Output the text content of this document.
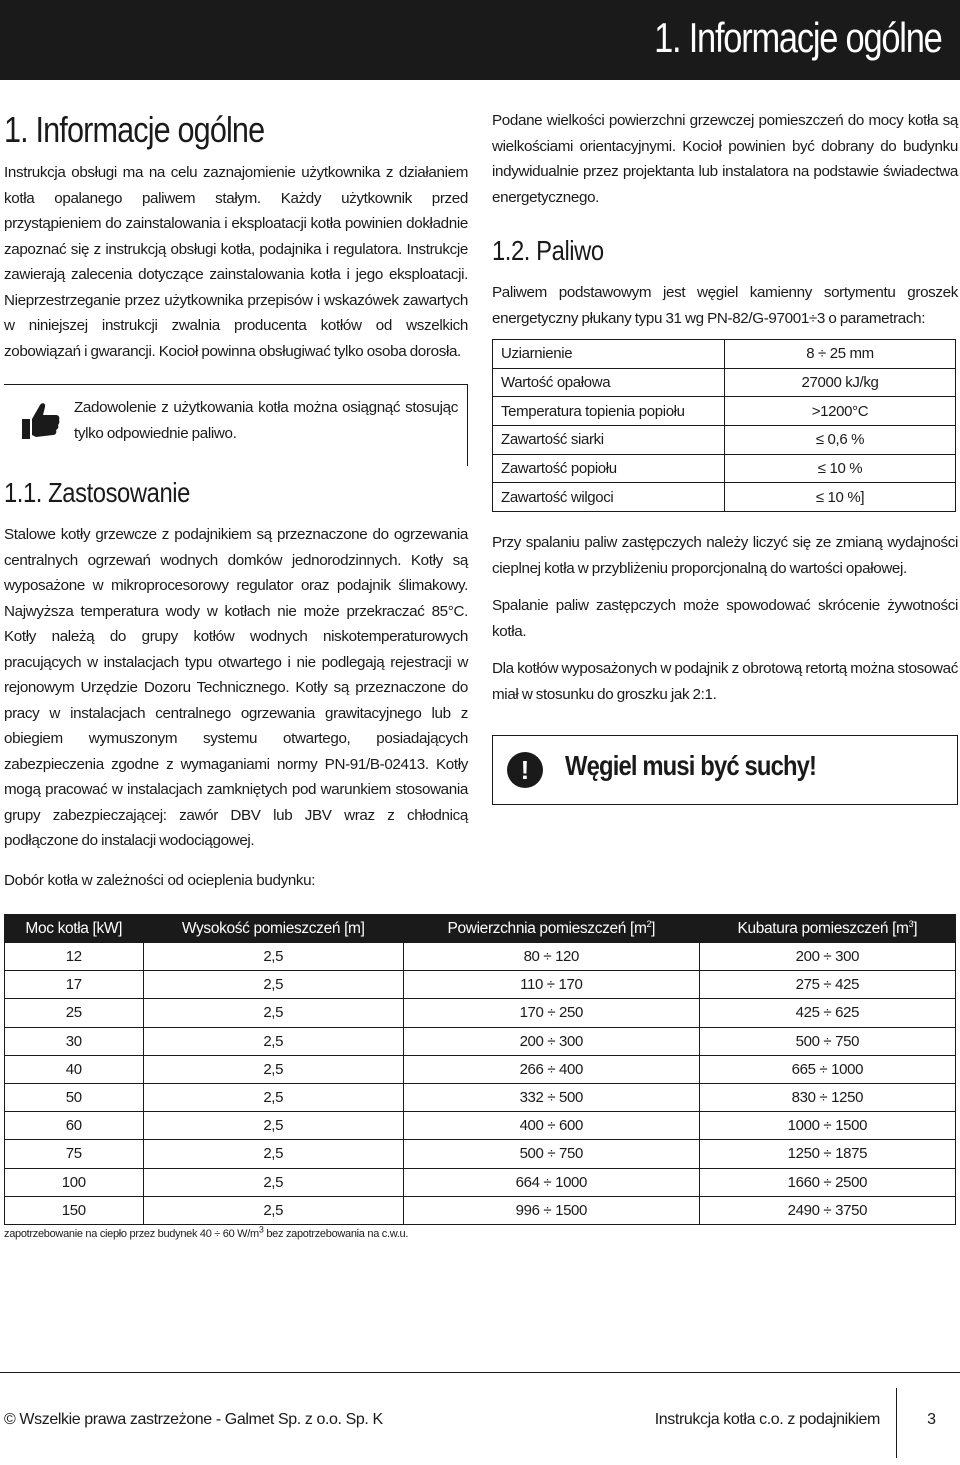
1. Informacje ogólne
1. Informacje ogólne

Instrukcja obsługi ma na celu zaznajomienie użytkownika z działaniem kotła opalanego paliwem stałym. Każdy użytkownik przed przystąpieniem do zainstalowania i eksploatacji kotła powinien dokładnie zapoznać się z instrukcją obsługi kotła, podajnika i regulatora. Instrukcje zawierają zalecenia dotyczące zainstalowania kotła i jego eksploatacji. Nieprzestrzeganie przez użytkownika przepisów i wskazówek zawartych w niniejszej instrukcji zwalnia producenta kotłów od wszelkich zobowiązań i gwarancji. Kocioł powinna obsługiwać tylko osoba dorosła.

Zadowolenie z użytkowania kotła można osiągnąć stosując tylko odpowiednie paliwo.
1.1. Zastosowanie

Stalowe kotły grzewcze z podajnikiem są przeznaczone do ogrzewania centralnych ogrzewań wodnych domków jednorodzinnych. Kotły są wyposażone w mikroprocesorowy regulator oraz podajnik ślimakowy. Najwyższa temperatura wody w kotłach nie może przekraczać 85°C. Kotły należą do grupy kotłów wodnych niskotemperaturowych pracujących w instalacjach typu otwartego i nie podlegają rejestracji w rejonowym Urzędzie Dozoru Technicznego. Kotły są przeznaczone do pracy w instalacjach centralnego ogrzewania grawitacyjnego lub z obiegiem wymuszonym systemu otwartego, posiadających zabezpieczenia zgodne z wymaganiami normy PN-91/B-02413. Kotły mogą pracować w instalacjach zamkniętych pod warunkiem stosowania grupy zabezpieczającej: zawór DBV lub JBV wraz z chłodnicą podłączone do instalacji wodociągowej.

Podane wielkości powierzchni grzewczej pomieszczeń do mocy kotła są wielkościami orientacyjnymi. Kocioł powinien być dobrany do budynku indywidualnie przez projektanta lub instalatora na podstawie świadectwa energetycznego.

1.2. Paliwo

Paliwem podstawowym jest węgiel kamienny sortymentu groszek energetyczny płukany typu 31 wg PN-82/G-97001÷3 o parametrach:

Uziarnienie	8 ÷ 25 mm
Wartość opałowa	27000 kJ/kg
Temperatura topienia popiołu	>1200°C
Zawartość siarki	≤ 0,6 %
Zawartość popiołu	≤ 10 %
Zawartość wilgoci	≤ 10 %]

Przy spalaniu paliw zastępczych należy liczyć się ze zmianą wydajności cieplnej kotła w przybliżeniu proporcjonalną do wartości opałowej.

Spalanie paliw zastępczych może spowodować skrócenie żywotności kotła.

Dla kotłów wyposażonych w podajnik z obrotową retortą można stosować miał w stosunku do groszku jak 2:1.

!	Węgiel musi być suchy!
Dobór kotła w zależności od ocieplenia budynku:
Moc kotła [kW]	Wysokość pomieszczeń [m]	Powierzchnia pomieszczeń $[m^2]$	Kubatura pomieszczeń $[m^3]$
12	2,5	80 ÷ 120	200 ÷ 300
17	2,5	110 ÷ 170	275 ÷ 425
25	2,5	170 ÷ 250	425 ÷ 625
30	2,5	200 ÷ 300	500 ÷ 750
40	2,5	266 ÷ 400	665 ÷ 1000
50	2,5	332 ÷ 500	830 ÷ 1250
60	2,5	400 ÷ 600	1000 ÷ 1500
75	2,5	500 ÷ 750	1250 ÷ 1875
100	2,5	664 ÷ 1000	1660 ÷ 2500
150	2,5	996 ÷ 1500	2490 ÷ 3750
zapotrzebowanie na ciepło przez budynek 40 ÷ 60 $W/m^3$ bez zapotrzebowania na c.w.u.
© Wszelkie prawa zastrzeżone - Galmet Sp. z o.o. Sp. K	Instrukcja kotła c.o. z podajnikiem	3
